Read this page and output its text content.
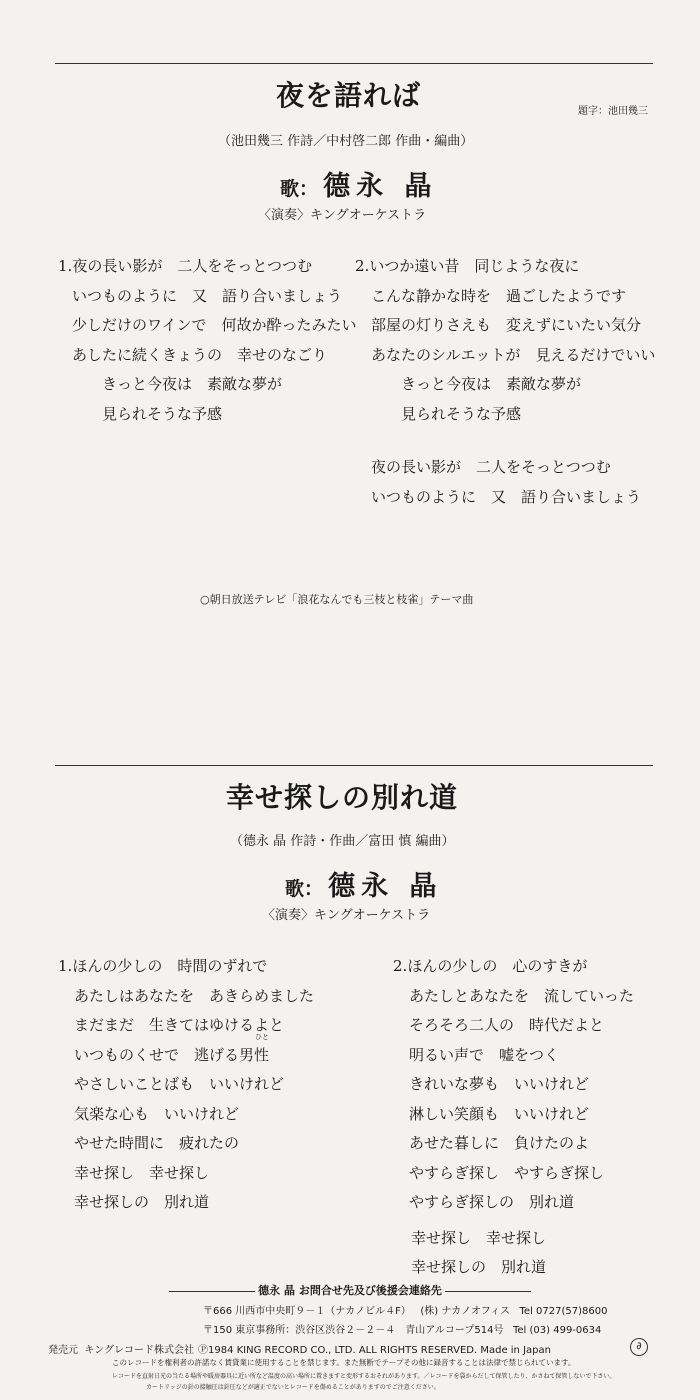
夜を語れば	題字：池田幾三
（池田幾三 作詩／中村啓二郎 作曲・編曲）
歌： 德永 晶
〈演奏〉キングオーケストラ
1.夜の長い影が　二人をそっとつつむ
いつものように　又　語り合いましょう
少しだけのワインで　何故か酔ったみたい
あしたに続くきょうの　幸せのなごり
きっと今夜は　素敵な夢が
見られそうな予感
2.いつか遠い昔　同じような夜に
こんな静かな時を　過ごしたようです
部屋の灯りさえも　変えずにいたい気分
あなたのシルエットが　見えるだけでいい
きっと今夜は　素敵な夢が
見られそうな予感
夜の長い影が　二人をそっとつつむ
いつものように　又　語り合いましょう
○朝日放送テレビ「浪花なんでも三枝と枝雀」テーマ曲
幸せ探しの別れ道
（德永 晶 作詩・作曲／富田 慎 編曲）
歌： 德永 晶
〈演奏〉キングオーケストラ
1.ほんの少しの　時間のずれで
あたしはあなたを　あきらめました
まだまだ　生きてはゆけるよと
いつものくせで　逃げる男性
やさしいことばも　いいけれど
気楽な心も　いいけれど
やせた時間に　疲れたの
幸せ探し　幸せ探し
幸せ探しの　別れ道
ひと
2.ほんの少しの　心のすきが
あたしとあなたを　流していった
そろそろ二人の　時代だよと
明るい声で　嘘をつく
きれいな夢も　いいけれど
淋しい笑顔も　いいけれど
あせた暮しに　負けたのよ
やすらぎ探し　やすらぎ探し
やすらぎ探しの　別れ道
幸せ探し　幸せ探し
幸せ探しの　別れ道
德永 晶 お問合せ先及び後援会連絡先
〒666 川西市中央町９－１（ナカノビル４F） (株) ナカノオフィス Tel 0727(57)8600
〒150 東京事務所：渋谷区渋谷２－２－４　青山アルコープ514号 Tel (03) 499-0634
発売元 キングレコード株式会社 Ⓟ1984 KING RECORD CO., LTD. ALL RIGHTS RESERVED. Made in Japan	∂
このレコードを権利者の許諾なく賃貸業に使用することを禁じます。また無断でテープその他に録音することは法律で禁じられています。
レコードを直射日光の当たる場所や暖房器具に近い所など温度の高い場所に置きますと変形するおそれがあります。／レコードを袋からだして保管したり、かさねて保管しないで下さい。
カートリッジの針の接触圧は針圧などが適正でないとレコードを傷めることがありますのでご注意ください。
